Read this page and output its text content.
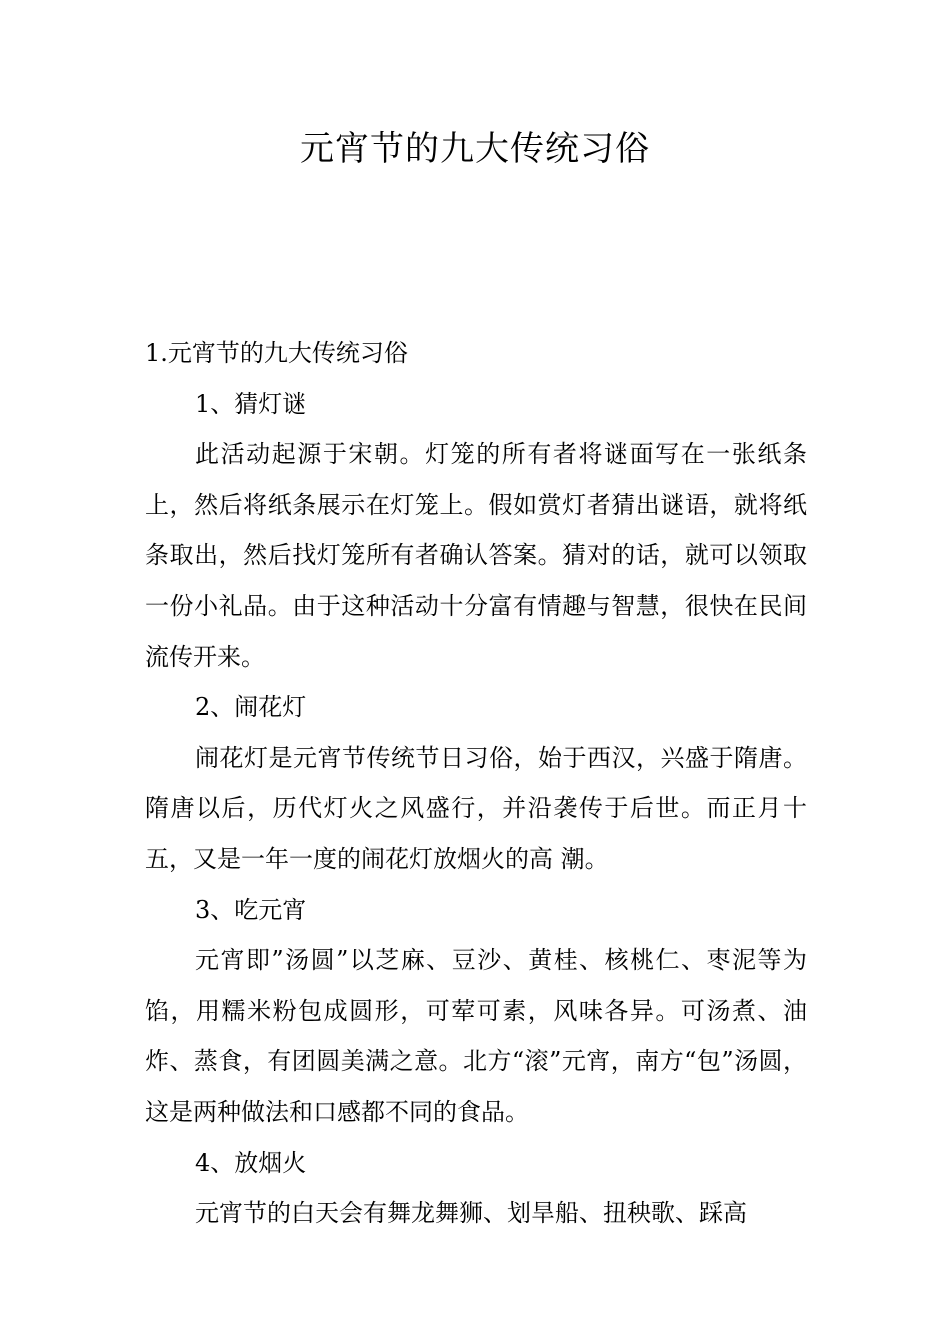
元宵节的九大传统习俗

1.元宵节的九大传统习俗

1、猜灯谜

此活动起源于宋朝。灯笼的所有者将谜面写在一张纸条上，然后将纸条展示在灯笼上。假如赏灯者猜出谜语，就将纸条取出，然后找灯笼所有者确认答案。猜对的话，就可以领取一份小礼品。由于这种活动十分富有情趣与智慧，很快在民间流传开来。

2、闹花灯

闹花灯是元宵节传统节日习俗，始于西汉，兴盛于隋唐。隋唐以后，历代灯火之风盛行，并沿袭传于后世。而正月十五，又是一年一度的闹花灯放烟火的高 潮。

3、吃元宵

元宵即”汤圆”以芝麻、豆沙、黄桂、核桃仁、枣泥等为馅，用糯米粉包成圆形，可荤可素，风味各异。可汤煮、油炸、蒸食，有团圆美满之意。北方“滚”元宵，南方“包”汤圆，这是两种做法和口感都不同的食品。

4、放烟火

元宵节的白天会有舞龙舞狮、划旱船、扭秧歌、踩高
